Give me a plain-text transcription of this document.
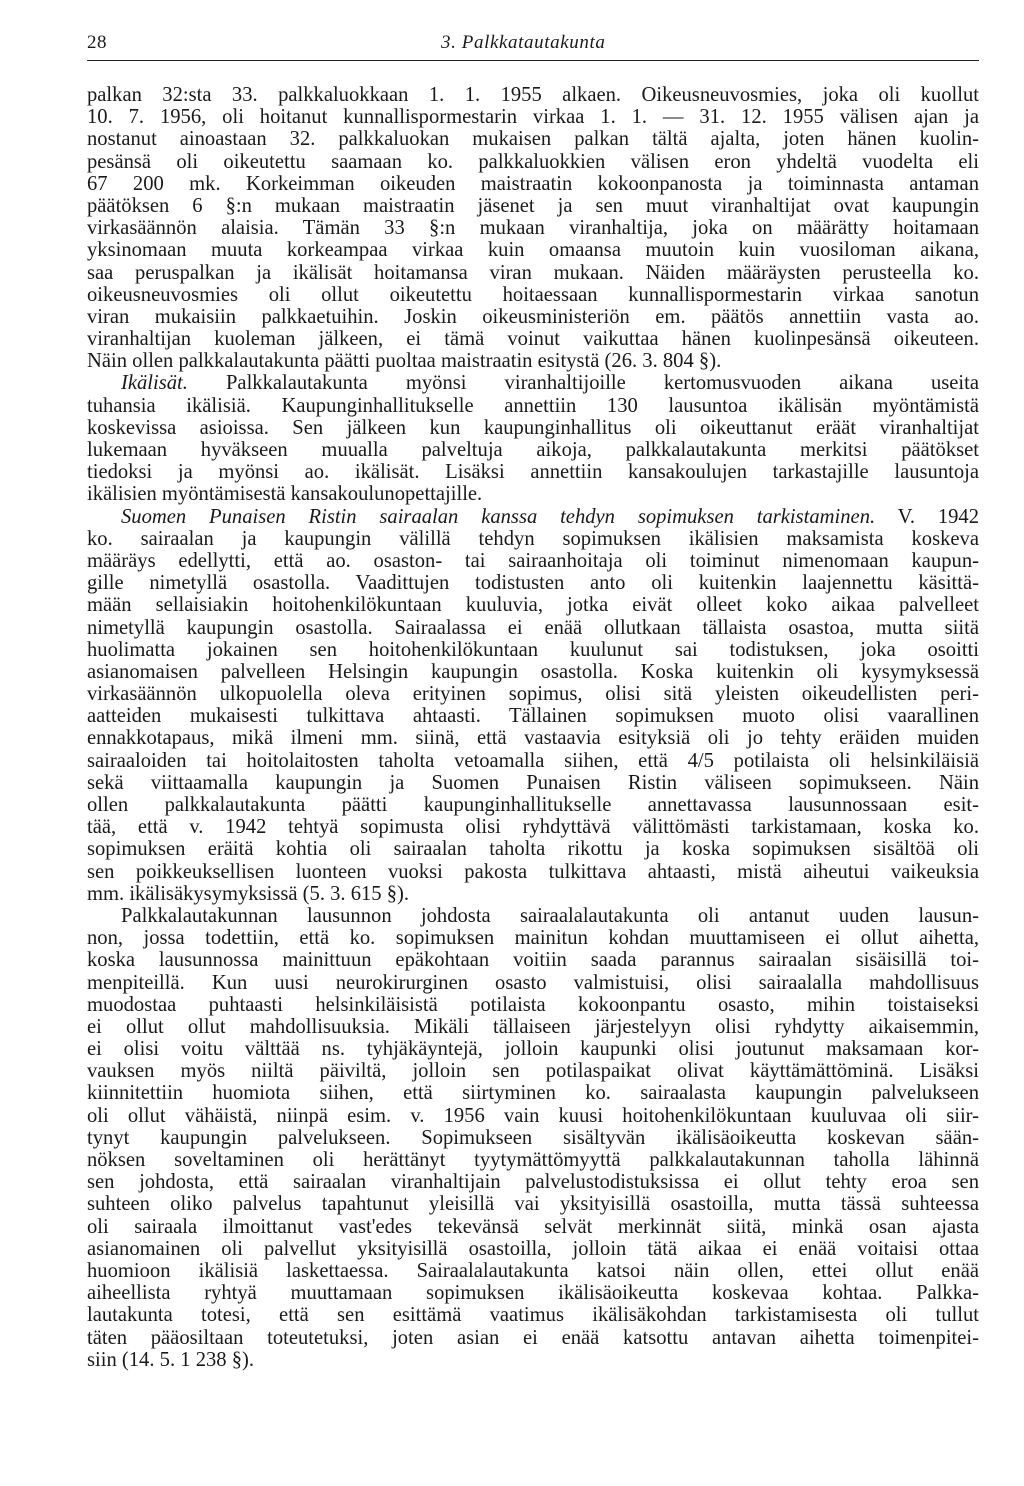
28	3. Palkkatautakunta
palkan 32:sta 33. palkkaluokkaan 1. 1. 1955 alkaen. Oikeusneuvosmies, joka oli kuollut
10. 7. 1956, oli hoitanut kunnallispormestarin virkaa 1. 1. — 31. 12. 1955 välisen ajan ja
nostanut ainoastaan 32. palkkaluokan mukaisen palkan tältä ajalta, joten hänen kuolin-
pesänsä oli oikeutettu saamaan ko. palkkaluokkien välisen eron yhdeltä vuodelta eli
67 200 mk. Korkeimman oikeuden maistraatin kokoonpanosta ja toiminnasta antaman
päätöksen 6 §:n mukaan maistraatin jäsenet ja sen muut viranhaltijat ovat kaupungin
virkasäännön alaisia. Tämän 33 §:n mukaan viranhaltija, joka on määrätty hoitamaan
yksinomaan muuta korkeampaa virkaa kuin omaansa muutoin kuin vuosiloman aikana,
saa peruspalkan ja ikälisät hoitamansa viran mukaan. Näiden määräysten perusteella ko.
oikeusneuvosmies oli ollut oikeutettu hoitaessaan kunnallispormestarin virkaa sanotun
viran mukaisiin palkkaetuihin. Joskin oikeusministeriön em. päätös annettiin vasta ao.
viranhaltijan kuoleman jälkeen, ei tämä voinut vaikuttaa hänen kuolinpesänsä oikeuteen.
Näin ollen palkkalautakunta päätti puoltaa maistraatin esitystä (26. 3. 804 §).
Ikälisät. Palkkalautakunta myönsi viranhaltijoille kertomusvuoden aikana useita
tuhansia ikälisiä. Kaupunginhallitukselle annettiin 130 lausuntoa ikälisän myöntämistä
koskevissa asioissa. Sen jälkeen kun kaupunginhallitus oli oikeuttanut eräät viranhaltijat
lukemaan hyväkseen muualla palveltuja aikoja, palkkalautakunta merkitsi päätökset
tiedoksi ja myönsi ao. ikälisät. Lisäksi annettiin kansakoulujen tarkastajille lausuntoja
ikälisien myöntämisestä kansakoulunopettajille.
Suomen Punaisen Ristin sairaalan kanssa tehdyn sopimuksen tarkistaminen. V. 1942
ko. sairaalan ja kaupungin välillä tehdyn sopimuksen ikälisien maksamista koskeva
määräys edellytti, että ao. osaston- tai sairaanhoitaja oli toiminut nimenomaan kaupun-
gille nimetyllä osastolla. Vaadittujen todistusten anto oli kuitenkin laajennettu käsittä-
mään sellaisiakin hoitohenkilökuntaan kuuluvia, jotka eivät olleet koko aikaa palvelleet
nimetyllä kaupungin osastolla. Sairaalassa ei enää ollutkaan tällaista osastoa, mutta siitä
huolimatta jokainen sen hoitohenkilökuntaan kuulunut sai todistuksen, joka osoitti
asianomaisen palvelleen Helsingin kaupungin osastolla. Koska kuitenkin oli kysymyksessä
virkasäännön ulkopuolella oleva erityinen sopimus, olisi sitä yleisten oikeudellisten peri-
aatteiden mukaisesti tulkittava ahtaasti. Tällainen sopimuksen muoto olisi vaarallinen
ennakkotapaus, mikä ilmeni mm. siinä, että vastaavia esityksiä oli jo tehty eräiden muiden
sairaaloiden tai hoitolaitosten taholta vetoamalla siihen, että 4/5 potilaista oli helsinkiläisiä
sekä viittaamalla kaupungin ja Suomen Punaisen Ristin väliseen sopimukseen. Näin
ollen palkkalautakunta päätti kaupunginhallitukselle annettavassa lausunnossaan esit-
tää, että v. 1942 tehtyä sopimusta olisi ryhdyttävä välittömästi tarkistamaan, koska ko.
sopimuksen eräitä kohtia oli sairaalan taholta rikottu ja koska sopimuksen sisältöä oli
sen poikkeuksellisen luonteen vuoksi pakosta tulkittava ahtaasti, mistä aiheutui vaikeuksia
mm. ikälisäkysymyksissä (5. 3. 615 §).
Palkkalautakunnan lausunnon johdosta sairaalalautakunta oli antanut uuden lausun-
non, jossa todettiin, että ko. sopimuksen mainitun kohdan muuttamiseen ei ollut aihetta,
koska lausunnossa mainittuun epäkohtaan voitiin saada parannus sairaalan sisäisillä toi-
menpiteillä. Kun uusi neurokirurginen osasto valmistuisi, olisi sairaalalla mahdollisuus
muodostaa puhtaasti helsinkiläisistä potilaista kokoonpantu osasto, mihin toistaiseksi
ei ollut ollut mahdollisuuksia. Mikäli tällaiseen järjestelyyn olisi ryhdytty aikaisemmin,
ei olisi voitu välttää ns. tyhjäkäyntejä, jolloin kaupunki olisi joutunut maksamaan kor-
vauksen myös niiltä päiviltä, jolloin sen potilaspaikat olivat käyttämättöminä. Lisäksi
kiinnitettiin huomiota siihen, että siirtyminen ko. sairaalasta kaupungin palvelukseen
oli ollut vähäistä, niinpä esim. v. 1956 vain kuusi hoitohenkilökuntaan kuuluvaa oli siir-
tynyt kaupungin palvelukseen. Sopimukseen sisältyvän ikälisäoikeutta koskevan sään-
nöksen soveltaminen oli herättänyt tyytymättömyyttä palkkalautakunnan taholla lähinnä
sen johdosta, että sairaalan viranhaltijain palvelustodistuksissa ei ollut tehty eroa sen
suhteen oliko palvelus tapahtunut yleisillä vai yksityisillä osastoilla, mutta tässä suhteessa
oli sairaala ilmoittanut vast'edes tekevänsä selvät merkinnät siitä, minkä osan ajasta
asianomainen oli palvellut yksityisillä osastoilla, jolloin tätä aikaa ei enää voitaisi ottaa
huomioon ikälisiä laskettaessa. Sairaalalautakunta katsoi näin ollen, ettei ollut enää
aiheellista ryhtyä muuttamaan sopimuksen ikälisäoikeutta koskevaa kohtaa. Palkka-
lautakunta totesi, että sen esittämä vaatimus ikälisäkohdan tarkistamisesta oli tullut
täten pääosiltaan toteutetuksi, joten asian ei enää katsottu antavan aihetta toimenpitei-
siin (14. 5. 1 238 §).
